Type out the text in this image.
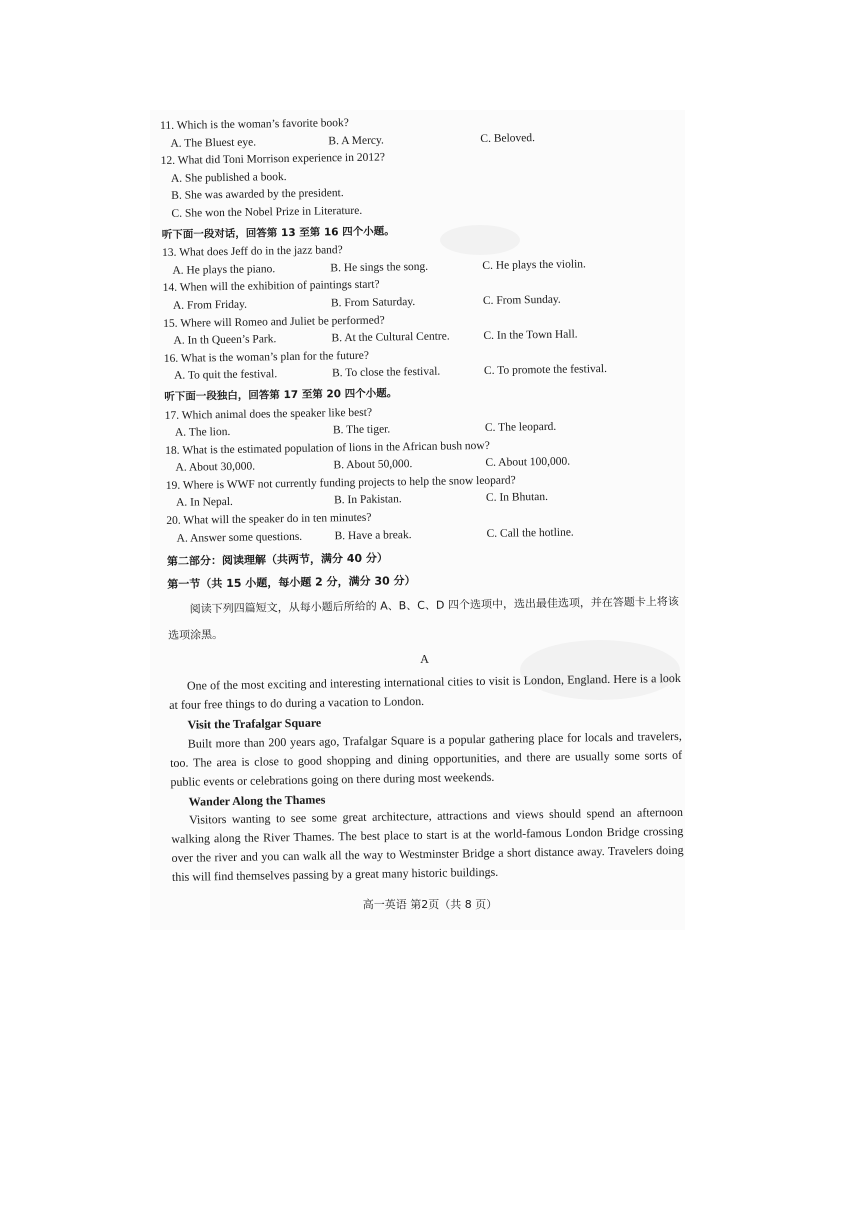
11. Which is the woman’s favorite book?

A. The Bluest eye.	B. A Mercy.	C. Beloved.

12. What did Toni Morrison experience in 2012?

A. She published a book.

B. She was awarded by the president.

C. She won the Nobel Prize in Literature.

听下面一段对话，回答第 13 至第 16 四个小题。

13. What does Jeff do in the jazz band?

A. He plays the piano.	B. He sings the song.	C. He plays the violin.

14. When will the exhibition of paintings start?

A. From Friday.	B. From Saturday.	C. From Sunday.

15. Where will Romeo and Juliet be performed?

A. In th Queen’s Park.	B. At the Cultural Centre.	C. In the Town Hall.

16. What is the woman’s plan for the future?

A. To quit the festival.	B. To close the festival.	C. To promote the festival.

听下面一段独白，回答第 17 至第 20 四个小题。

17. Which animal does the speaker like best?

A. The lion.	B. The tiger.	C. The leopard.

18. What is the estimated population of lions in the African bush now?

A. About 30,000.	B. About 50,000.	C. About 100,000.

19. Where is WWF not currently funding projects to help the snow leopard?

A. In Nepal.	B. In Pakistan.	C. In Bhutan.

20. What will the speaker do in ten minutes?

A. Answer some questions.	B. Have a break.	C. Call the hotline.

第二部分：阅读理解（共两节，满分 40 分）

第一节（共 15 小题，每小题 2 分，满分 30 分）

阅读下列四篇短文，从每小题后所给的 A、B、C、D 四个选项中，选出最佳选项，并在答题卡上将该选项涂黑。

A

One of the most exciting and interesting international cities to visit is London, England. Here is a look at four free things to do during a vacation to London.

Visit the Trafalgar Square

Built more than 200 years ago, Trafalgar Square is a popular gathering place for locals and travelers, too. The area is close to good shopping and dining opportunities, and there are usually some sorts of public events or celebrations going on there during most weekends.

Wander Along the Thames

Visitors wanting to see some great architecture, attractions and views should spend an afternoon walking along the River Thames. The best place to start is at the world-famous London Bridge crossing over the river and you can walk all the way to Westminster Bridge a short distance away. Travelers doing this will find themselves passing by a great many historic buildings.

高一英语 第2页（共 8 页）
